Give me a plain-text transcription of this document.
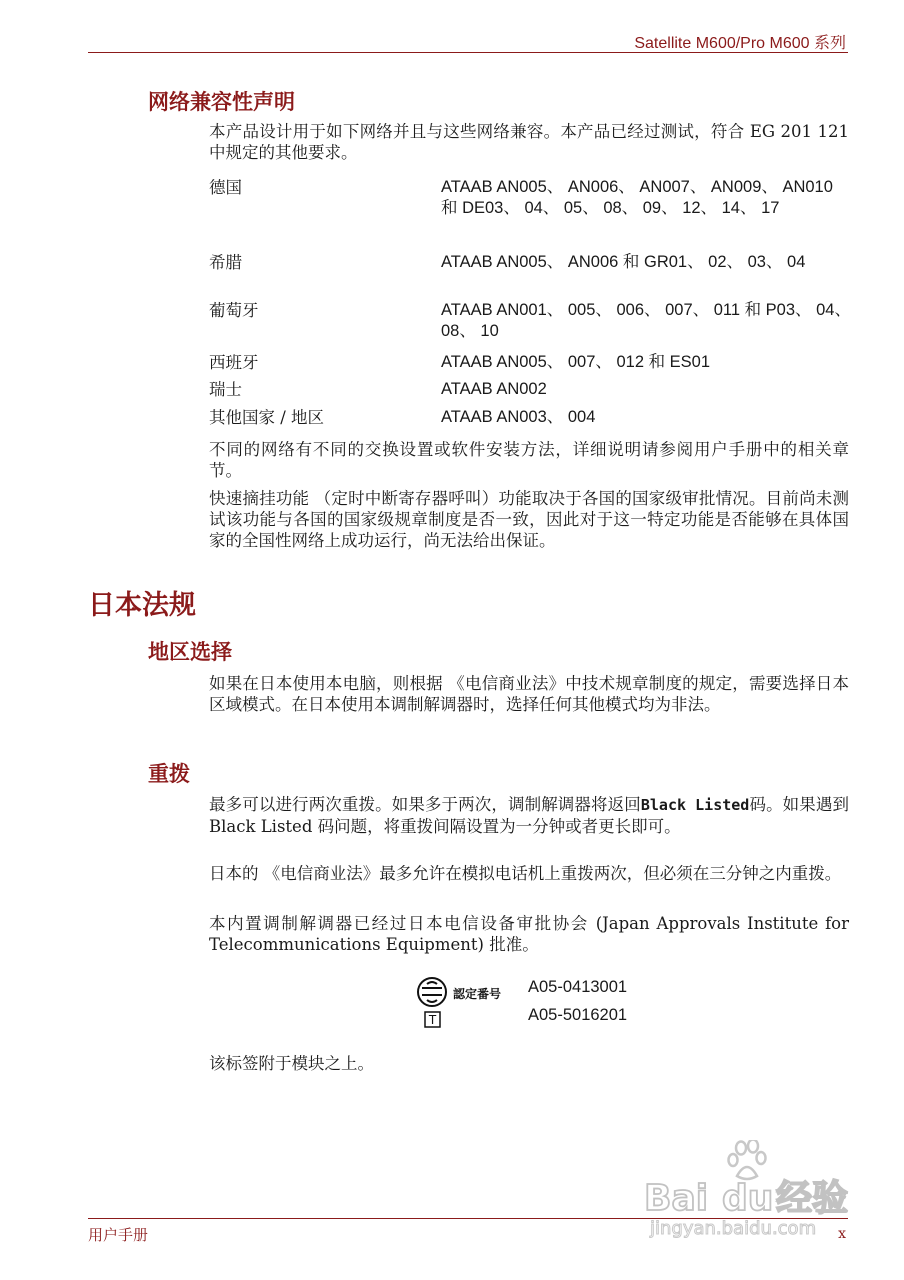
Satellite M600/Pro M600 系列
网络兼容性声明

本产品设计用于如下网络并且与这些网络兼容。本产品已经过测试，符合 EG 201 121 中规定的其他要求。

德国	ATAAB AN005、 AN006、 AN007、 AN009、 AN010 和 DE03、 04、 05、 08、 09、 12、 14、 17
希腊	ATAAB AN005、 AN006 和 GR01、 02、 03、 04
葡萄牙	ATAAB AN001、 005、 006、 007、 011 和 P03、 04、 08、 10
西班牙	ATAAB AN005、 007、 012 和 ES01
瑞士	ATAAB AN002
其他国家 / 地区	ATAAB AN003、 004

不同的网络有不同的交换设置或软件安装方法，详细说明请参阅用户手册中的相关章节。

快速摘挂功能 （定时中断寄存器呼叫）功能取决于各国的国家级审批情况。目前尚未测试该功能与各国的国家级规章制度是否一致，因此对于这一特定功能是否能够在具体国家的全国性网络上成功运行，尚无法给出保证。

日本法规
地区选择

如果在日本使用本电脑，则根据 《电信商业法》中技术规章制度的规定，需要选择日本区域模式。在日本使用本调制解调器时，选择任何其他模式均为非法。

重拨

最多可以进行两次重拨。如果多于两次，调制解调器将返回Black Listed码。如果遇到 Black Listed 码问题，将重拨间隔设置为一分钟或者更长即可。

日本的 《电信商业法》最多允许在模拟电话机上重拨两次，但必须在三分钟之内重拨。

本内置调制解调器已经过日本电信设备审批协会 (Japan Approvals Institute for Telecommunications Equipment) 批准。

認定番号
T
A05-0413001
A05-5016201

该标签附于模块之上。

用户手册	x
Bai du 经验
jingyan.baidu.com
